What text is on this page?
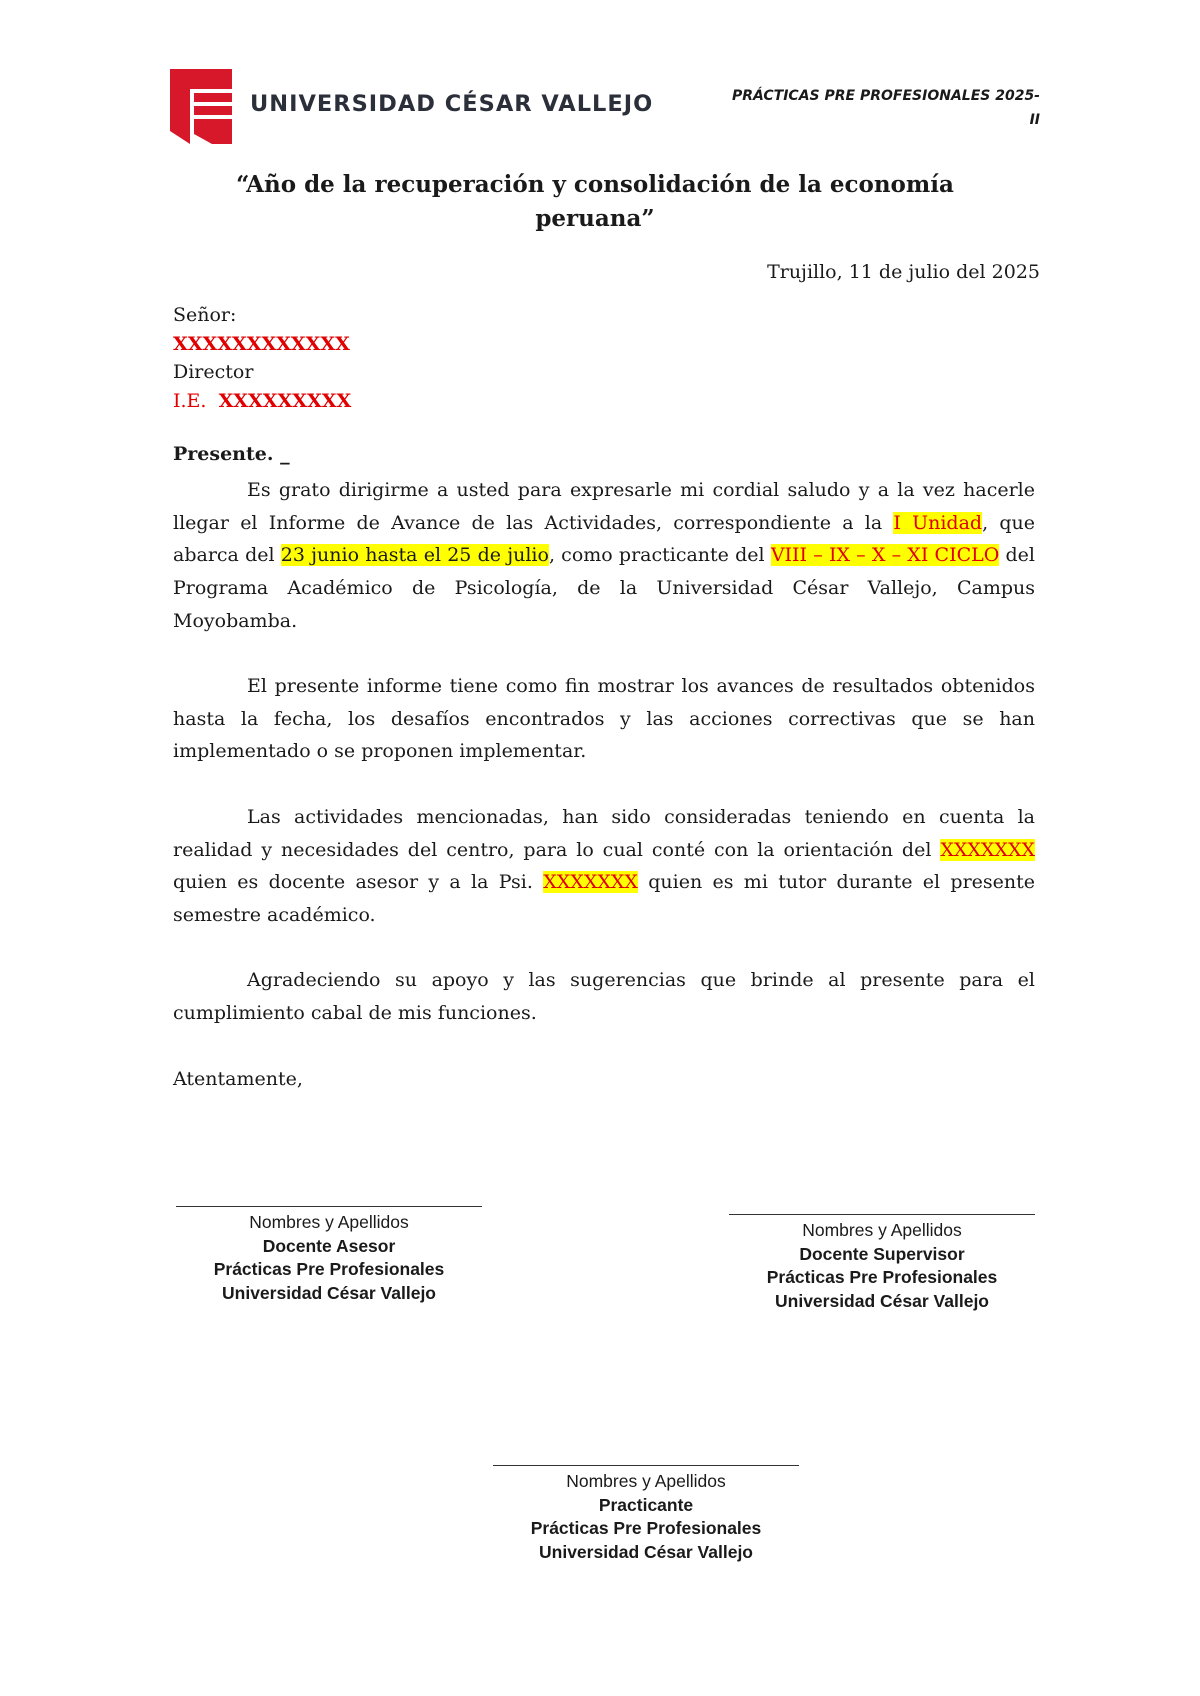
UNIVERSIDAD CÉSAR VALLEJO	PRÁCTICAS PRE PROFESIONALES 2025-
II
“Año de la recuperación y consolidación de la economía
peruana”
Trujillo, 11 de julio del 2025
Señor:
XXXXXXXXXXXX
Director
I.E. XXXXXXXXX
Presente. _

Es grato dirigirme a usted para expresarle mi cordial saludo y a la vez hacerle llegar el Informe de Avance de las Actividades, correspondiente a la I Unidad, que abarca del 23 junio hasta el 25 de julio, como practicante del VIII – IX – X – XI CICLO del Programa Académico de Psicología, de la Universidad César Vallejo, Campus Moyobamba.

El presente informe tiene como fin mostrar los avances de resultados obtenidos hasta la fecha, los desafíos encontrados y las acciones correctivas que se han implementado o se proponen implementar.

Las actividades mencionadas, han sido consideradas teniendo en cuenta la realidad y necesidades del centro, para lo cual conté con la orientación del XXXXXXX quien es docente asesor y a la Psi. XXXXXXX quien es mi tutor durante el presente semestre académico.

Agradeciendo su apoyo y las sugerencias que brinde al presente para el cumplimiento cabal de mis funciones.

Atentamente,
Nombres y Apellidos
Docente Asesor
Prácticas Pre Profesionales
Universidad César Vallejo
Nombres y Apellidos
Docente Supervisor
Prácticas Pre Profesionales
Universidad César Vallejo
Nombres y Apellidos
Practicante
Prácticas Pre Profesionales
Universidad César Vallejo
